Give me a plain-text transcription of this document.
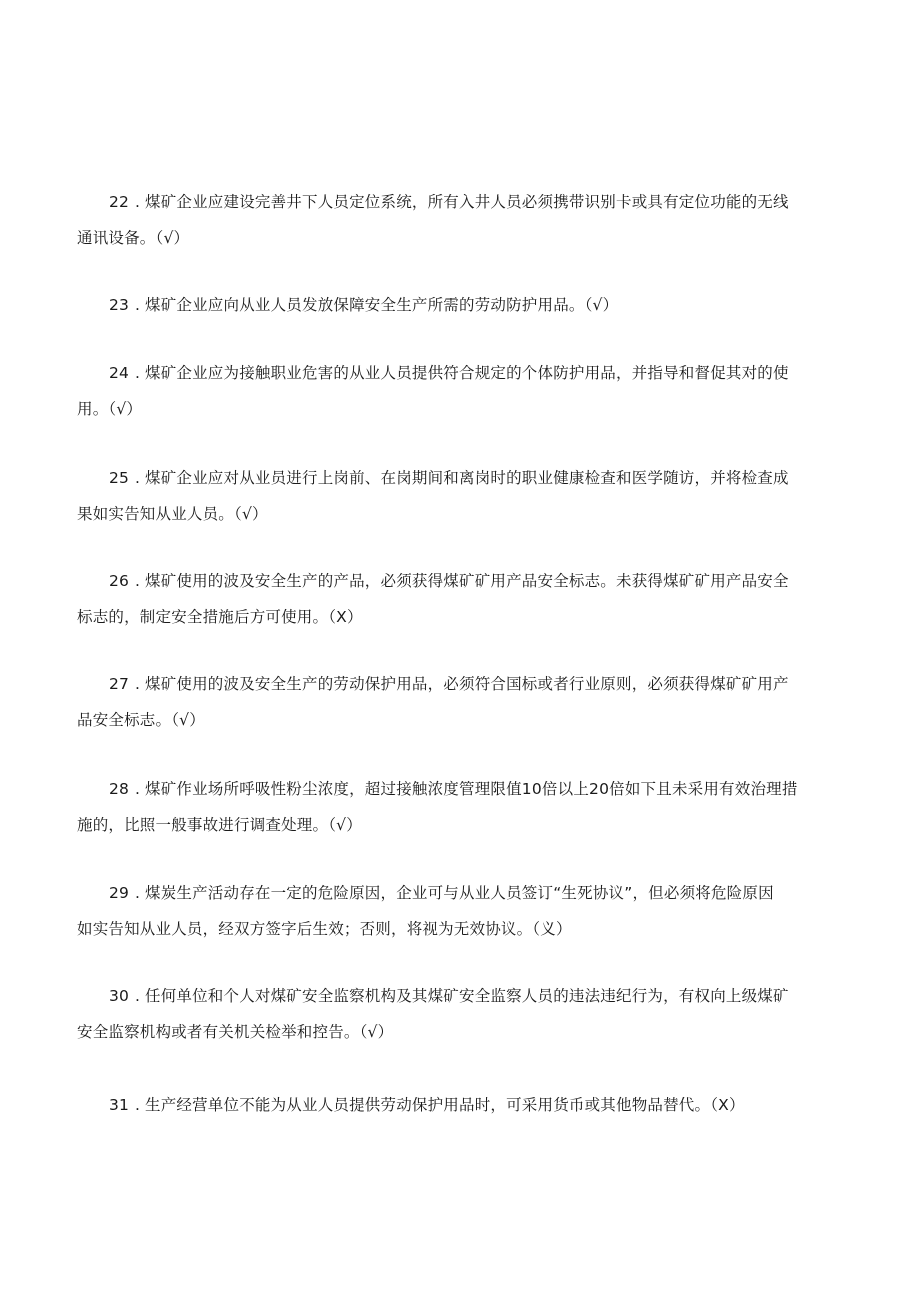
22 . 煤矿企业应建设完善井下人员定位系统，所有入井人员必须携带识别卡或具有定位功能的无线
通讯设备。（√）
23 . 煤矿企业应向从业人员发放保障安全生产所需的劳动防护用品。（√）
24 . 煤矿企业应为接触职业危害的从业人员提供符合规定的个体防护用品，并指导和督促其对的使
用。（√）
25 . 煤矿企业应对从业员进行上岗前、在岗期间和离岗时的职业健康检查和医学随访，并将检查成
果如实告知从业人员。（√）
26 . 煤矿使用的波及安全生产的产品，必须获得煤矿矿用产品安全标志。未获得煤矿矿用产品安全
标志的，制定安全措施后方可使用。（X）
27 . 煤矿使用的波及安全生产的劳动保护用品，必须符合国标或者行业原则，必须获得煤矿矿用产
品安全标志。（√）
28 . 煤矿作业场所呼吸性粉尘浓度，超过接触浓度管理限值10倍以上20倍如下且未采用有效治理措
施的，比照一般事故进行调查处理。（√）
29 . 煤炭生产活动存在一定的危险原因，企业可与从业人员签订“生死协议”，但必须将危险原因
如实告知从业人员，经双方签字后生效；否则，将视为无效协议。（义）
30 . 任何单位和个人对煤矿安全监察机构及其煤矿安全监察人员的违法违纪行为，有权向上级煤矿
安全监察机构或者有关机关检举和控告。（√）
31 . 生产经营单位不能为从业人员提供劳动保护用品时，可采用货币或其他物品替代。（X）
